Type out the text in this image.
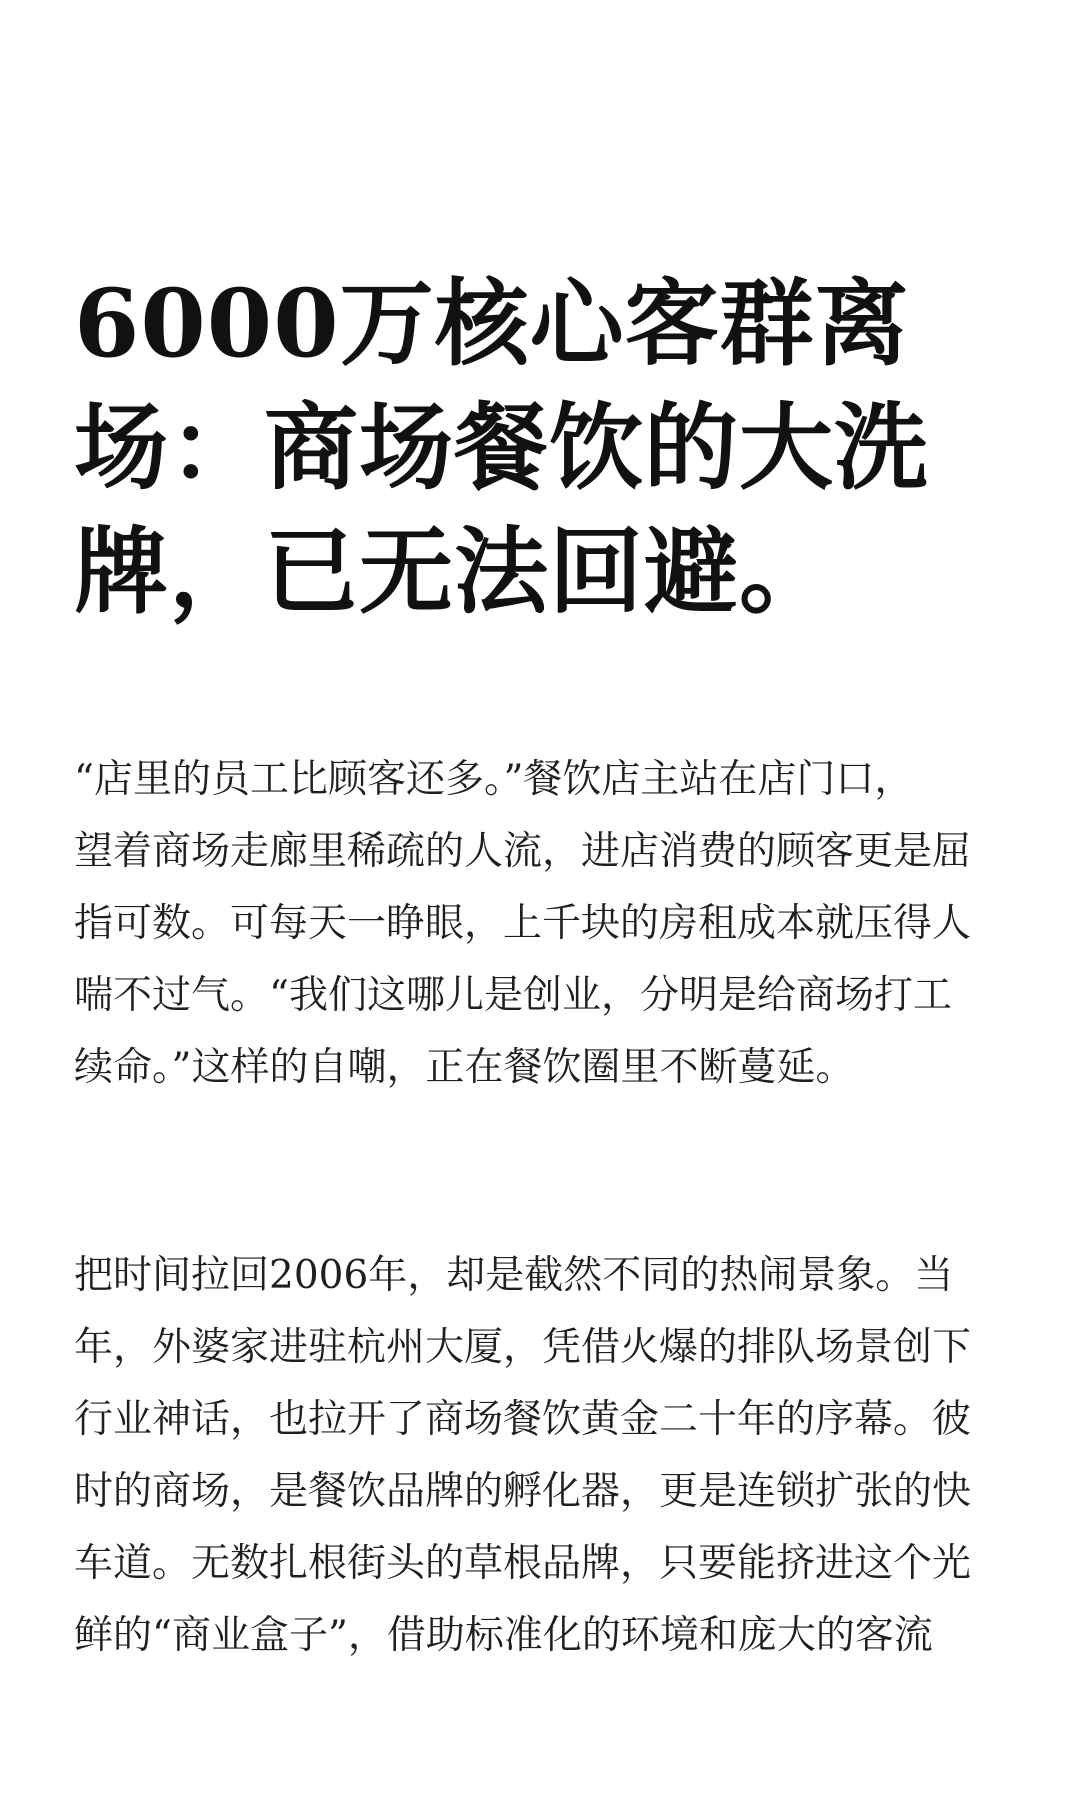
6000万核心客群离
场：商场餐饮的大洗
牌，已无法回避。

“店里的员工比顾客还多。”餐饮店主站在店门口，
望着商场走廊里稀疏的人流，进店消费的顾客更是屈
指可数。可每天一睁眼，上千块的房租成本就压得人
喘不过气。“我们这哪儿是创业，分明是给商场打工
续命。”这样的自嘲，正在餐饮圈里不断蔓延。

把时间拉回2006年，却是截然不同的热闹景象。当
年，外婆家进驻杭州大厦，凭借火爆的排队场景创下
行业神话，也拉开了商场餐饮黄金二十年的序幕。彼
时的商场，是餐饮品牌的孵化器，更是连锁扩张的快
车道。无数扎根街头的草根品牌，只要能挤进这个光
鲜的“商业盒子”，借助标准化的环境和庞大的客流
